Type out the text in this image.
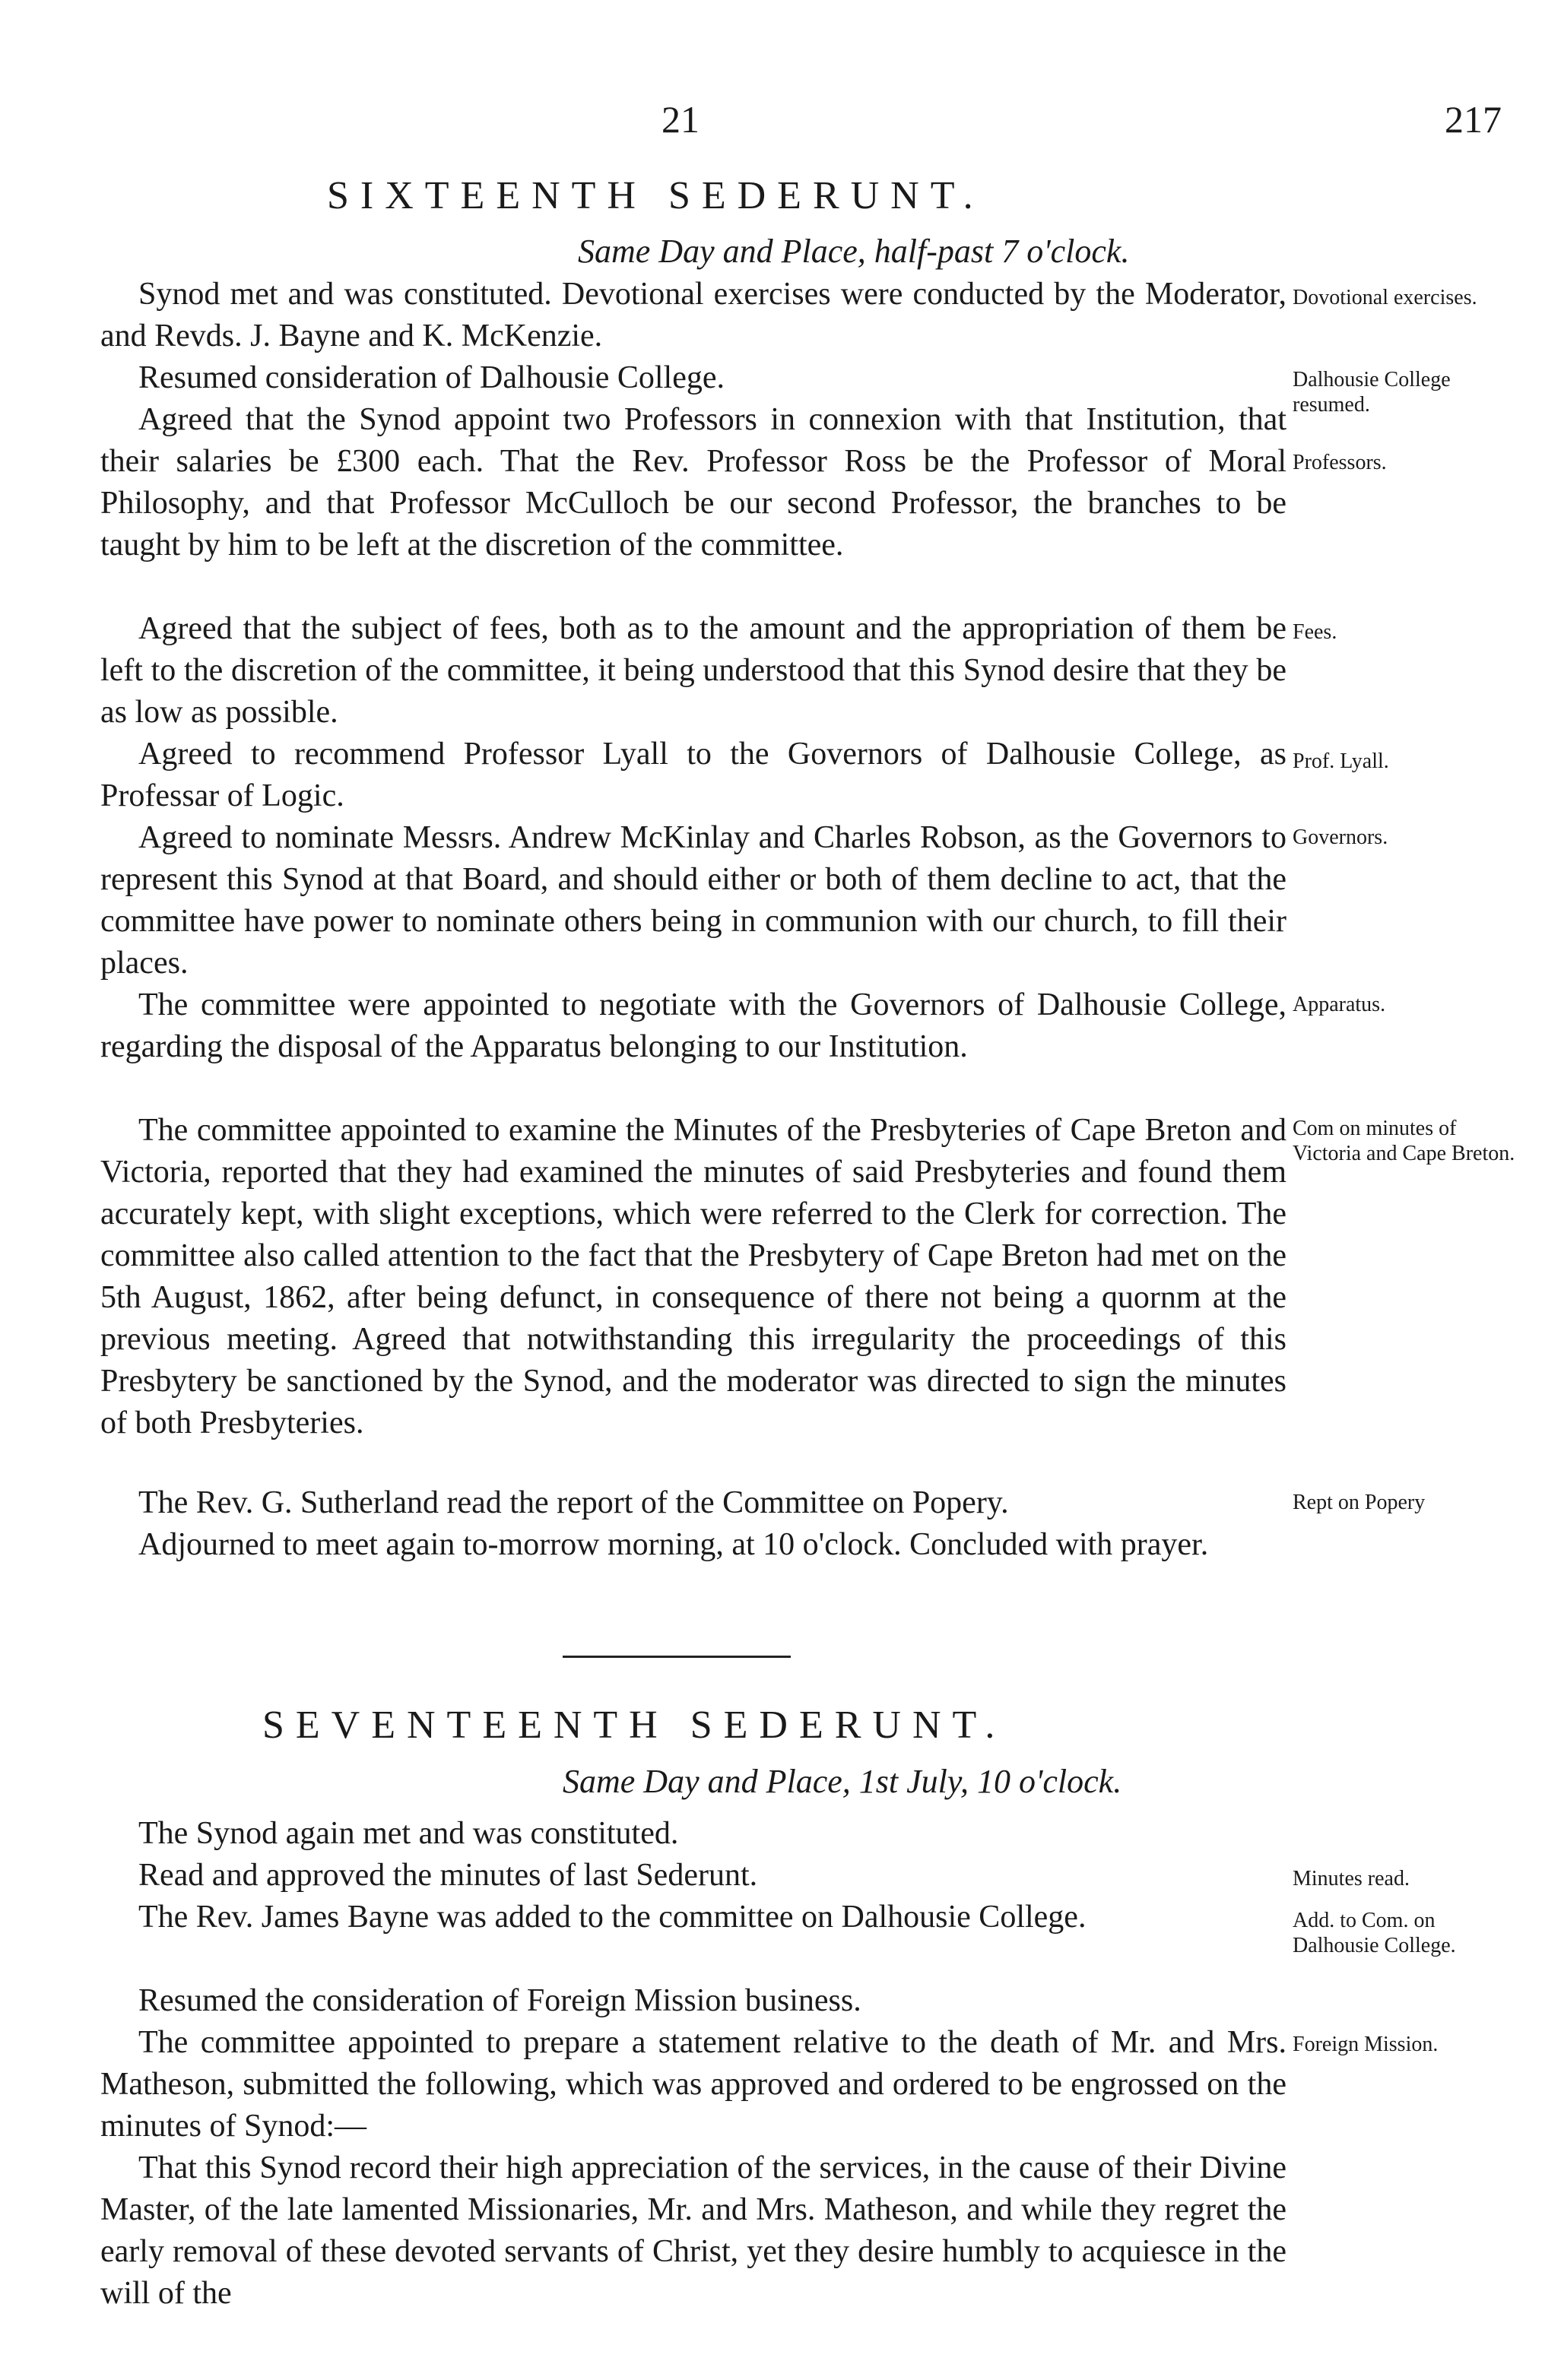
21	217
SIXTEENTH SEDERUNT.
Same Day and Place, half-past 7 o'clock.

Synod met and was constituted. Devotional exercises were conducted by the Moderator, and Revds. J. Bayne and K. McKenzie.

Resumed consideration of Dalhousie College.

Agreed that the Synod appoint two Professors in connexion with that Institution, that their salaries be £300 each. That the Rev. Professor Ross be the Professor of Moral Philosophy, and that Professor McCulloch be our second Professor, the branches to be taught by him to be left at the discretion of the committee.

Agreed that the subject of fees, both as to the amount and the appropriation of them be left to the discretion of the committee, it being understood that this Synod desire that they be as low as possible.

Agreed to recommend Professor Lyall to the Governors of Dalhousie College, as Professar of Logic.

Agreed to nominate Messrs. Andrew McKinlay and Charles Robson, as the Governors to represent this Synod at that Board, and should either or both of them decline to act, that the committee have power to nominate others being in communion with our church, to fill their places.

The committee were appointed to negotiate with the Governors of Dalhousie College, regarding the disposal of the Apparatus belonging to our Institution.

The committee appointed to examine the Minutes of the Presbyteries of Cape Breton and Victoria, reported that they had examined the minutes of said Presbyteries and found them accurately kept, with slight exceptions, which were referred to the Clerk for correction. The committee also called attention to the fact that the Presbytery of Cape Breton had met on the 5th August, 1862, after being defunct, in consequence of there not being a quornm at the previous meeting. Agreed that notwithstanding this irregularity the proceedings of this Presbytery be sanctioned by the Synod, and the moderator was directed to sign the minutes of both Presbyteries.

The Rev. G. Sutherland read the report of the Committee on Popery.

Adjourned to meet again to-morrow morning, at 10 o'clock. Concluded with prayer.

Dovotional exercises.
Dalhousie College resumed.
Professors.
Fees.
Prof. Lyall.
Governors.
Apparatus.
Com on minutes of Victoria and Cape Breton.
Rept on Popery
SEVENTEENTH SEDERUNT.
Same Day and Place, 1st July, 10 o'clock.

The Synod again met and was constituted.

Read and approved the minutes of last Sederunt.

The Rev. James Bayne was added to the committee on Dalhousie College.

Resumed the consideration of Foreign Mission business.

The committee appointed to prepare a statement relative to the death of Mr. and Mrs. Matheson, submitted the following, which was approved and ordered to be engrossed on the minutes of Synod:—

That this Synod record their high appreciation of the services, in the cause of their Divine Master, of the late lamented Missionaries, Mr. and Mrs. Matheson, and while they regret the early removal of these devoted servants of Christ, yet they desire humbly to acquiesce in the will of the

Minutes read.
Add. to Com. on Dalhousie College.
Foreign Mission.
